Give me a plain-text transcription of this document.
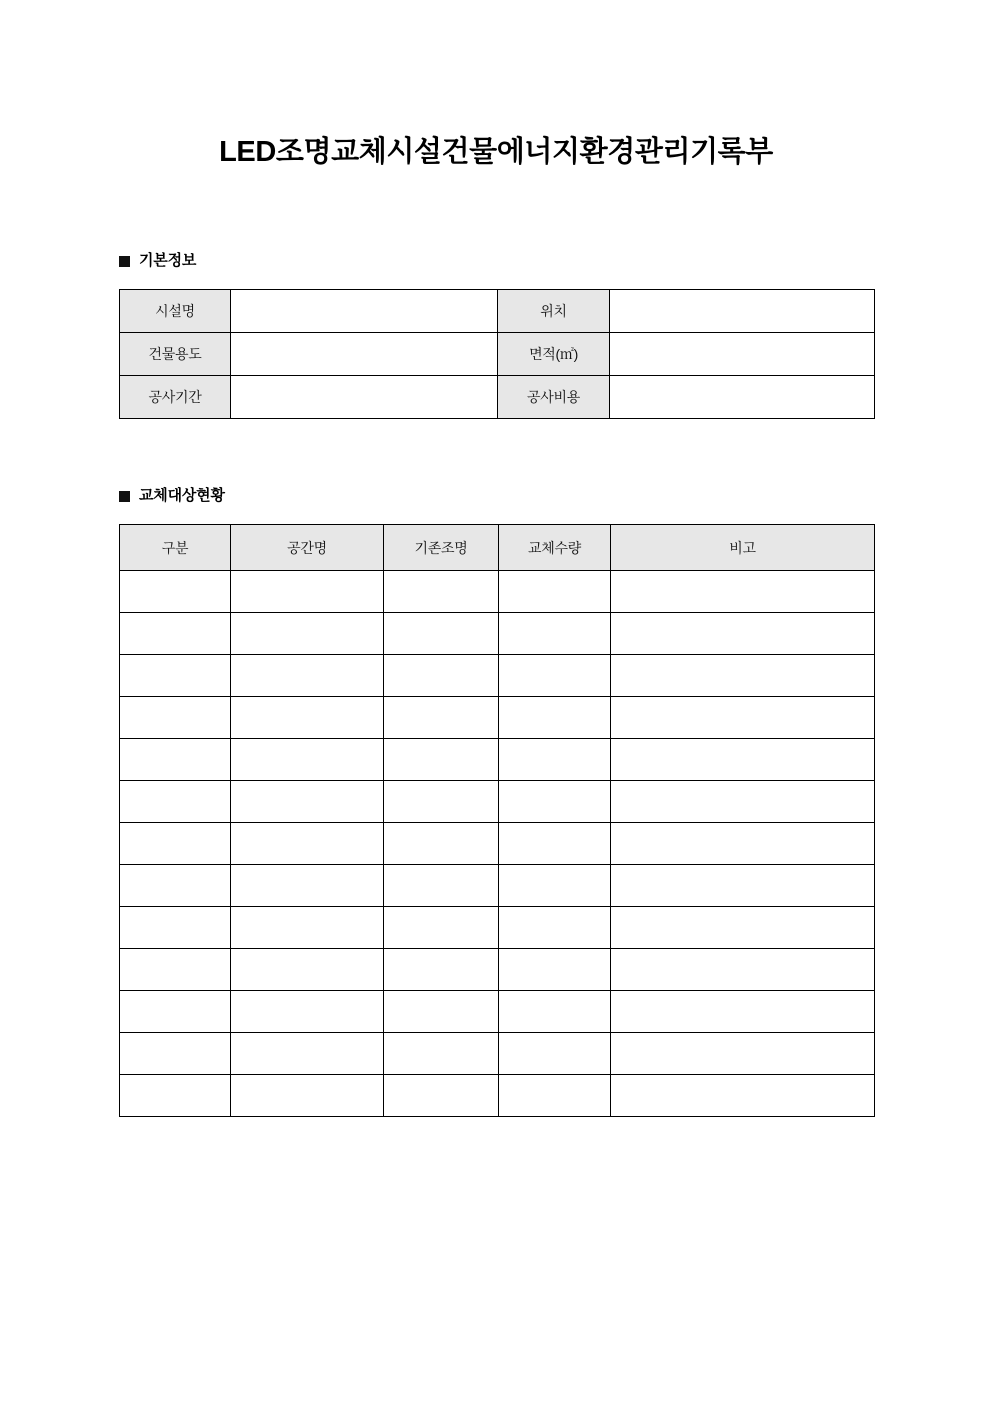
LED조명교체시설건물에너지환경관리기록부
기본정보
시설명		위치	
건물용도		면적(㎡)	
공사기간		공사비용	
교체대상현황
구분	공간명	기존조명	교체수량	비고
